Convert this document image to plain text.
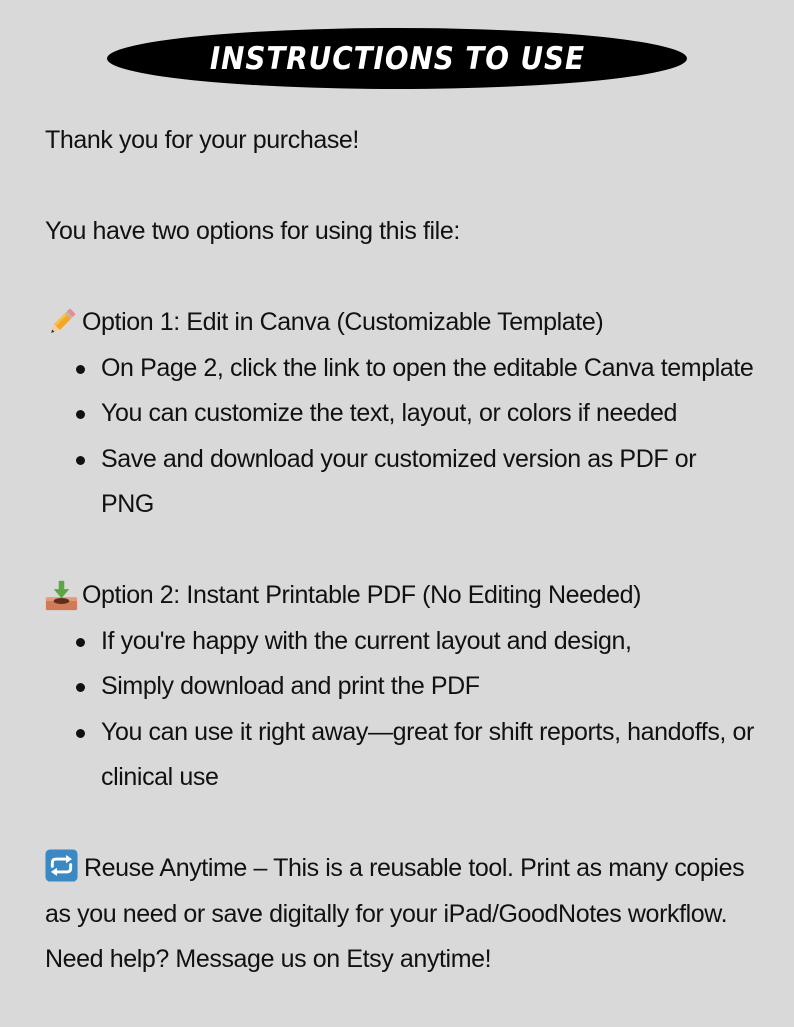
INSTRUCTIONS TO USE

Thank you for your purchase!

You have two options for using this file:

Option 1: Edit in Canva (Customizable Template)
On Page 2, click the link to open the editable Canva template
You can customize the text, layout, or colors if needed
Save and download your customized version as PDF or PNG
Option 2: Instant Printable PDF (No Editing Needed)
If you're happy with the current layout and design,
Simply download and print the PDF
You can use it right away—great for shift reports, handoffs, or clinical use

Reuse Anytime – This is a reusable tool. Print as many copies as you need or save digitally for your iPad/GoodNotes workflow.

Need help? Message us on Etsy anytime!
